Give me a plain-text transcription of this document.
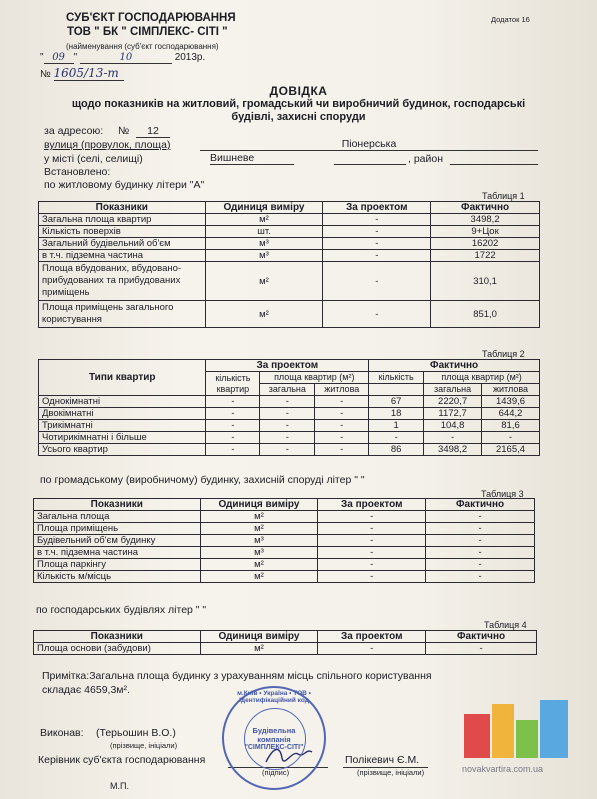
СУБ'ЄКТ ГОСПОДАРЮВАННЯ
ТОВ " БК " СІМПЛЕКС- СІТІ "
(найменування (суб'єкт господарювання)
Додаток 16
" 09 "	10	2013р.
№ 1605/13-т
ДОВІДКА
щодо показників на житловий, громадський чи виробничий будинок, господарські
будівлі, захисні споруди
за адресою: №	12
вулиця (провулок, площа)	Піонерська
у місті (селі, селищі)	Вишневе	, район
Встановлено:
по житловому будинку літери "А"
Таблиця 1
Показники	Одиниця виміру	За проектом	Фактично
Загальна площа квартир	м²	-	3498,2
Кількість поверхів	шт.	-	9+Цок
Загальний будівельний об'єм	м³	-	16202
в т.ч. підземна частина	м³	-	1722
Площа вбудованих, вбудовано-прибудованих та прибудованих приміщень	м²	-	310,1
Площа приміщень загального користування	м²	-	851,0
Таблиця 2
Типи квартир	За проектом			Фактично		
	кількість квартир	площа квартир (м²)		кількість	площа квартир (м²)	
		загальна	житлова		загальна	житлова
Однокімнатні	-	-	-	67	2220,7	1439,6
Двокімнатні	-	-	-	18	1172,7	644,2
Трикімнатні	-	-	-	1	104,8	81,6
Чотирикімнатні і більше	-	-	-	-	-	-
Усього квартир	-	-	-	86	3498,2	2165,4
по громадському (виробничому) будинку, захисній споруді літер " "
Таблиця 3
Показники	Одиниця виміру	За проектом	Фактично
Загальна площа	м²	-	-
Площа приміщень	м²	-	-
Будівельний об'єм будинку	м³	-	-
в т.ч. підземна частина	м³	-	-
Площа паркінгу	м²	-	-
Кількість м/місць	м²	-	-
по господарських будівлях літер " "
Таблиця 4
Показники	Одиниця виміру	За проектом	Фактично
Площа основи (забудови)	м²	-	-
Примітка:Загальна площа будинку з урахуванням місць спільного користування
складає 4659,3м².
Виконав: (Терьошин В.О.)
(прізвище, ініціали)
Керівник суб'єкта господарювання
(підпис)
Полікевич Є.М.
(прізвище, ініціали)
М.П.
м.Київ • Україна • ТОВ • Ідентифікаційний код
Будівельна
компанія
"СІМПЛЕКС-СІТІ"
novakvartira.com.ua
